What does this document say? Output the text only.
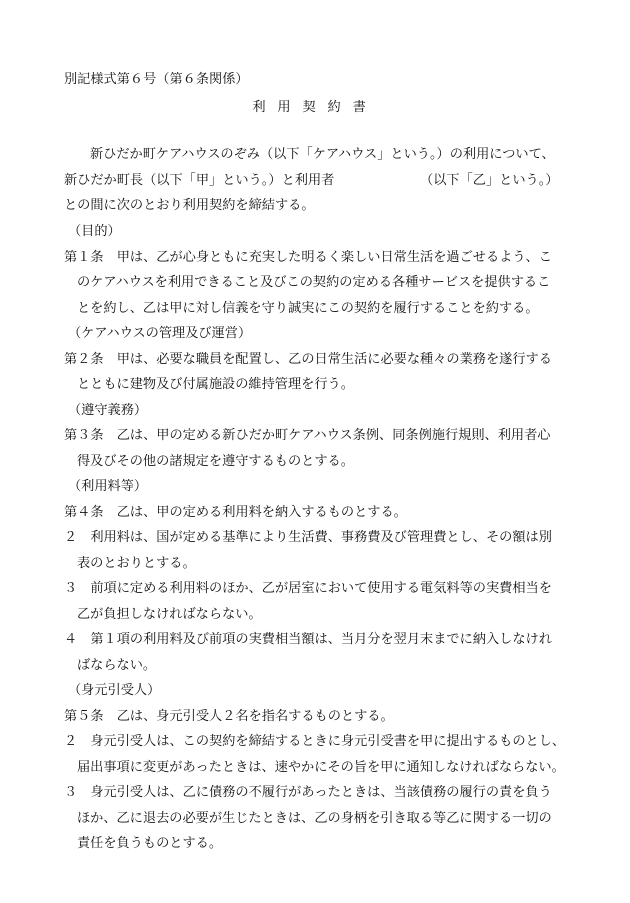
別記様式第６号（第６条関係）
利用契約書
新ひだか町ケアハウスのぞみ（以下「ケアハウス」という。）の利用について、
新ひだか町長（以下「甲」という。）と利用者　　　　　　　（以下「乙」という。）
との間に次のとおり利用契約を締結する。
（目的）
第１条　甲は、乙が心身ともに充実した明るく楽しい日常生活を過ごせるよう、こ
のケアハウスを利用できること及びこの契約の定める各種サービスを提供するこ
とを約し、乙は甲に対し信義を守り誠実にこの契約を履行することを約する。
（ケアハウスの管理及び運営）
第２条　甲は、必要な職員を配置し、乙の日常生活に必要な種々の業務を遂行する
とともに建物及び付属施設の維持管理を行う。
（遵守義務）
第３条　乙は、甲の定める新ひだか町ケアハウス条例、同条例施行規則、利用者心
得及びその他の諸規定を遵守するものとする。
（利用料等）
第４条　乙は、甲の定める利用料を納入するものとする。
２　利用料は、国が定める基準により生活費、事務費及び管理費とし、その額は別
表のとおりとする。
３　前項に定める利用料のほか、乙が居室において使用する電気料等の実費相当を
乙が負担しなければならない。
４　第１項の利用料及び前項の実費相当額は、当月分を翌月末までに納入しなけれ
ばならない。
（身元引受人）
第５条　乙は、身元引受人２名を指名するものとする。
２　身元引受人は、この契約を締結するときに身元引受書を甲に提出するものとし、
届出事項に変更があったときは、速やかにその旨を甲に通知しなければならない。
３　身元引受人は、乙に債務の不履行があったときは、当該債務の履行の責を負う
ほか、乙に退去の必要が生じたときは、乙の身柄を引き取る等乙に関する一切の
責任を負うものとする。
